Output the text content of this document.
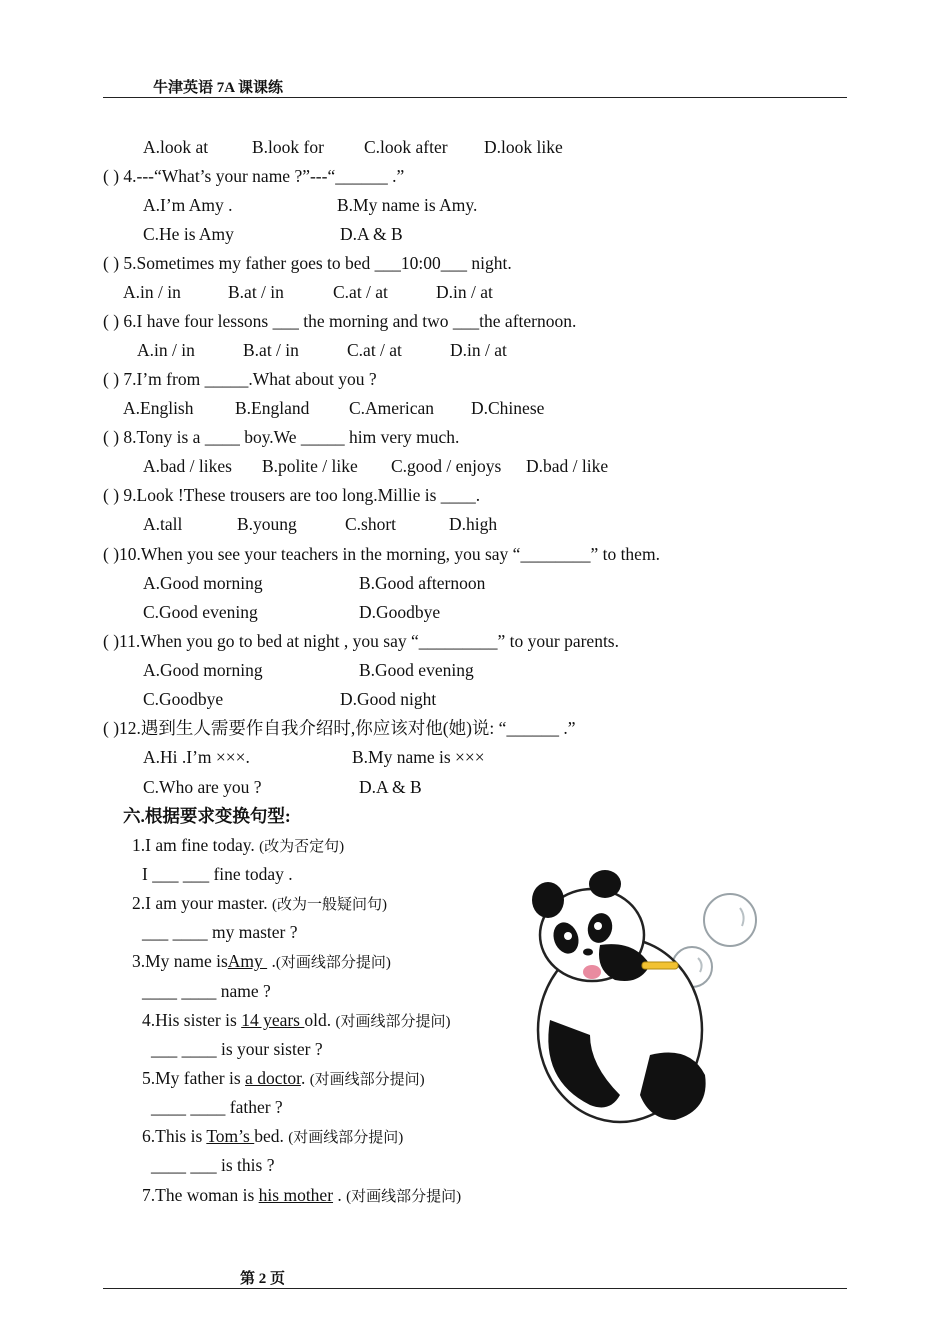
牛津英语 7A 课课练
A.look at	B.look for C.look after D.look like
( ) 4.---“What’s your name ?”---“______ .”
A.I’m Amy .	B.My name is Amy.
C.He is Amy	D.A & B
( ) 5.Sometimes my father goes to bed ___10:00___ night.
A.in / in	B.at / in	C.at / at	D.in / at
( ) 6.I have four lessons ___ the morning and two ___the afternoon.
A.in / in	B.at / in	C.at / at	D.in / at
( ) 7.I’m from _____.What about you ?
A.English B.England C.American D.Chinese
( ) 8.Tony is a ____ boy.We _____ him very much.
A.bad / likes B.polite / like C.good / enjoys D.bad / like
( ) 9.Look !These trousers are too long.Millie is ____.
A.tall	B.young	C.short	D.high
( )10.When you see your teachers in the morning, you say “________” to them.
A.Good morning	B.Good afternoon
C.Good evening	D.Goodbye
( )11.When you go to bed at night , you say “_________” to your parents.
A.Good morning	B.Good evening
C.Goodbye	D.Good night
( )12.遇到生人需要作自我介绍时,你应该对他(她)说: “______ .”
A.Hi .I’m ×××.	B.My name is ×××
C.Who are you ?	D.A & B
六.根据要求变换句型:
1.I am fine today. (改为否定句)
I ___ ___ fine today .
2.I am your master. (改为一般疑问句)
___ ____ my master ?
3.My name isAmy  .(对画线部分提问)
____ ____ name ?
4.His sister is 14 years old. (对画线部分提问)
___ ____ is your sister ?
5.My father is a doctor. (对画线部分提问)
____ ____ father ?
6.This is Tom’s bed. (对画线部分提问)
____ ___ is this ?
7.The woman is his mother . (对画线部分提问)
第 2 页
